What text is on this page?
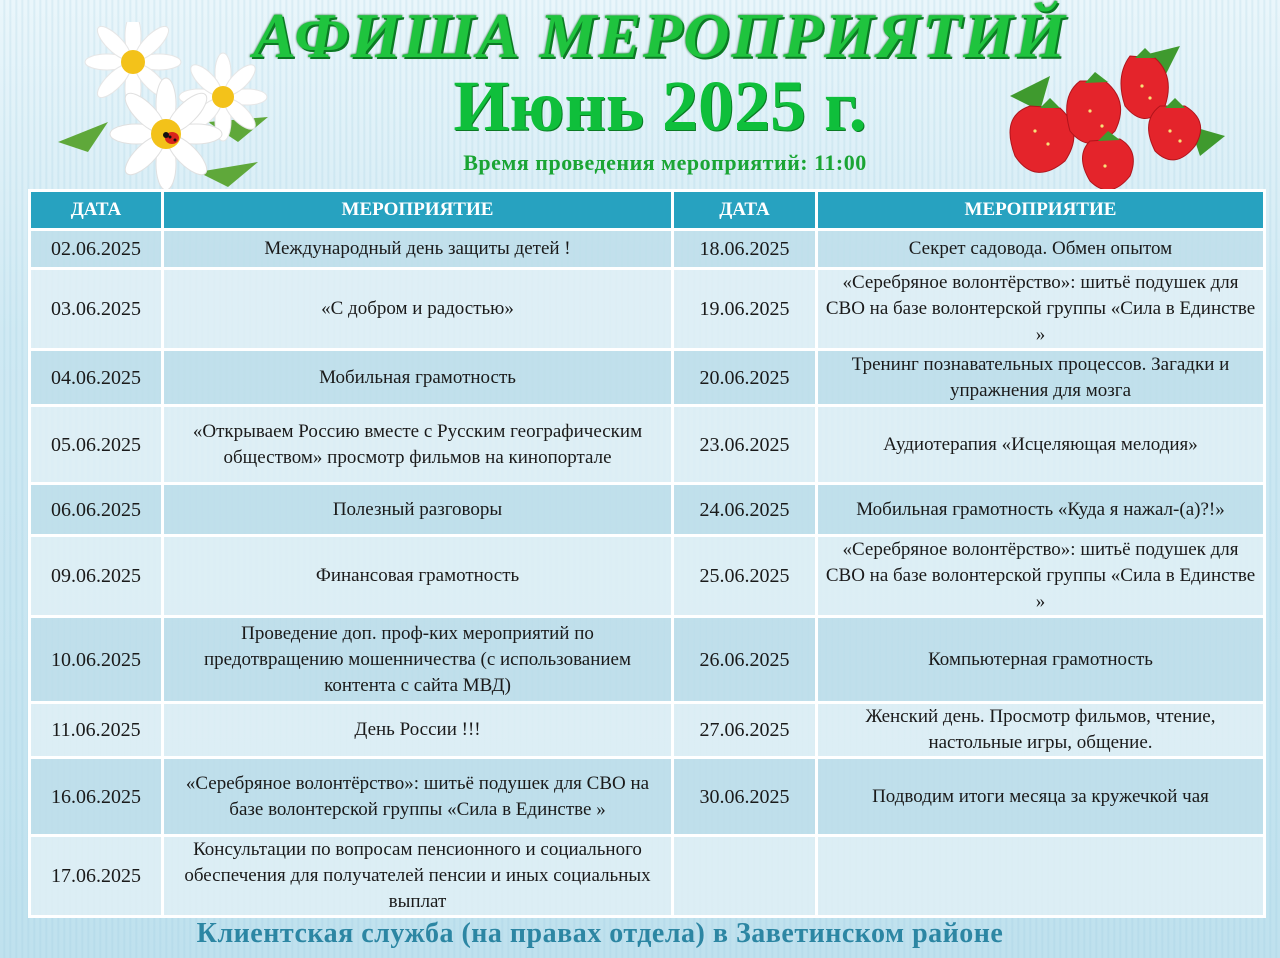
АФИША МЕРОПРИЯТИЙ
Июнь 2025 г.
Время проведения мероприятий: 11:00
ДАТА	МЕРОПРИЯТИЕ	ДАТА	МЕРОПРИЯТИЕ
02.06.2025	Международный день защиты детей !	18.06.2025	Секрет садовода. Обмен опытом
03.06.2025	«С добром и радостью»	19.06.2025	«Серебряное волонтёрство»: шитьё подушек для СВО на базе волонтерской группы «Сила в Единстве »
04.06.2025	Мобильная грамотность	20.06.2025	Тренинг познавательных процессов. Загадки и упражнения для мозга
05.06.2025	«Открываем Россию вместе с Русским географическим обществом» просмотр фильмов на кинопортале	23.06.2025	Аудиотерапия «Исцеляющая мелодия»
06.06.2025	Полезный разговоры	24.06.2025	Мобильная грамотность «Куда я нажал-(а)?!»
09.06.2025	Финансовая грамотность	25.06.2025	«Серебряное волонтёрство»: шитьё подушек для СВО на базе волонтерской группы «Сила в Единстве »
10.06.2025	Проведение доп. проф-ких мероприятий по предотвращению мошенничества (с использованием контента с сайта МВД)	26.06.2025	Компьютерная грамотность
11.06.2025	День России !!!	27.06.2025	Женский день. Просмотр фильмов, чтение, настольные игры, общение.
16.06.2025	«Серебряное волонтёрство»: шитьё подушек для СВО на базе волонтерской группы «Сила в Единстве »	30.06.2025	Подводим итоги месяца за кружечкой чая
17.06.2025	Консультации по вопросам пенсионного и социального обеспечения для получателей пенсии и иных социальных выплат		
Клиентская служба (на правах отдела) в Заветинском районе
